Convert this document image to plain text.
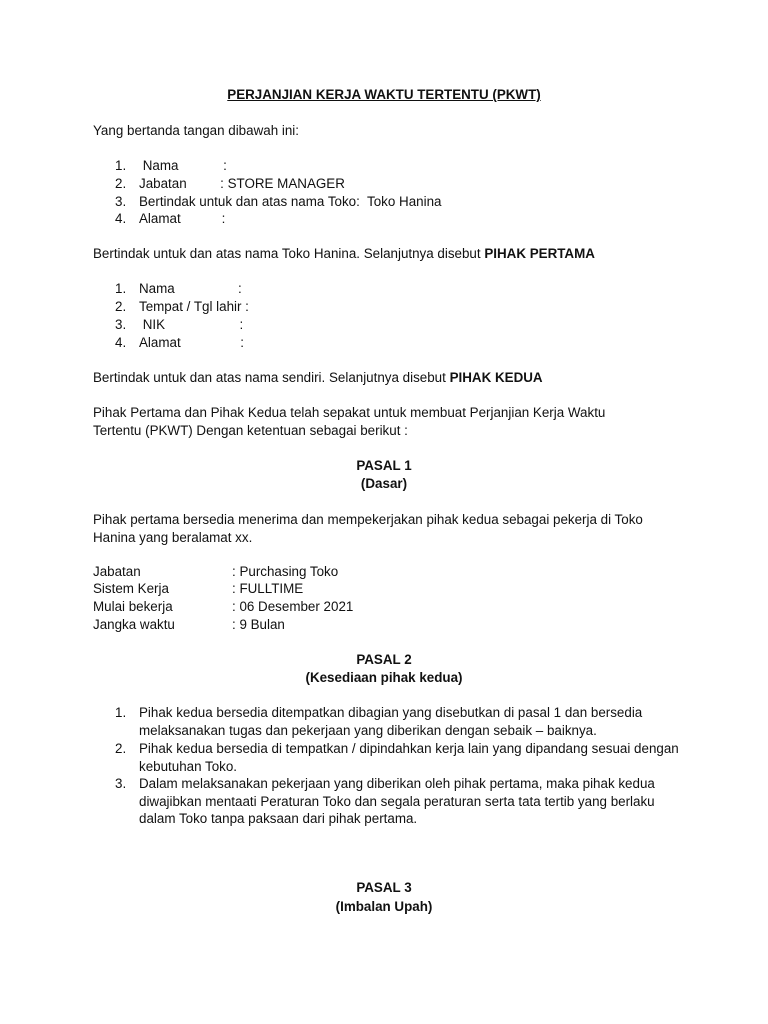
PERJANJIAN KERJA WAKTU TERTENTU (PKWT)
Yang bertanda tangan dibawah ini:
1. Nama            :
2. Jabatan         : STORE MANAGER
3. Bertindak untuk dan atas nama Toko:  Toko Hanina
4. Alamat           :
Bertindak untuk dan atas nama Toko Hanina. Selanjutnya disebut PIHAK PERTAMA
1. Nama                 :
2. Tempat / Tgl lahir :
3. NIK                    :
4. Alamat                :
Bertindak untuk dan atas nama sendiri. Selanjutnya disebut PIHAK KEDUA
Pihak Pertama dan Pihak Kedua telah sepakat untuk membuat Perjanjian Kerja Waktu Tertentu (PKWT) Dengan ketentuan sebagai berikut :
PASAL 1
(Dasar)
Pihak pertama bersedia menerima dan mempekerjakan pihak kedua sebagai pekerja di Toko Hanina yang beralamat xx.
Jabatan	: Purchasing Toko
Sistem Kerja	: FULLTIME
Mulai bekerja	: 06 Desember 2021
Jangka waktu	: 9 Bulan
PASAL 2
(Kesediaan pihak kedua)
1. Pihak kedua bersedia ditempatkan dibagian yang disebutkan di pasal 1 dan bersedia melaksanakan tugas dan pekerjaan yang diberikan dengan sebaik – baiknya.
2. Pihak kedua bersedia di tempatkan / dipindahkan kerja lain yang dipandang sesuai dengan kebutuhan Toko.
3. Dalam melaksanakan pekerjaan yang diberikan oleh pihak pertama, maka pihak kedua diwajibkan mentaati Peraturan Toko dan segala peraturan serta tata tertib yang berlaku dalam Toko tanpa paksaan dari pihak pertama.
PASAL 3
(Imbalan Upah)
